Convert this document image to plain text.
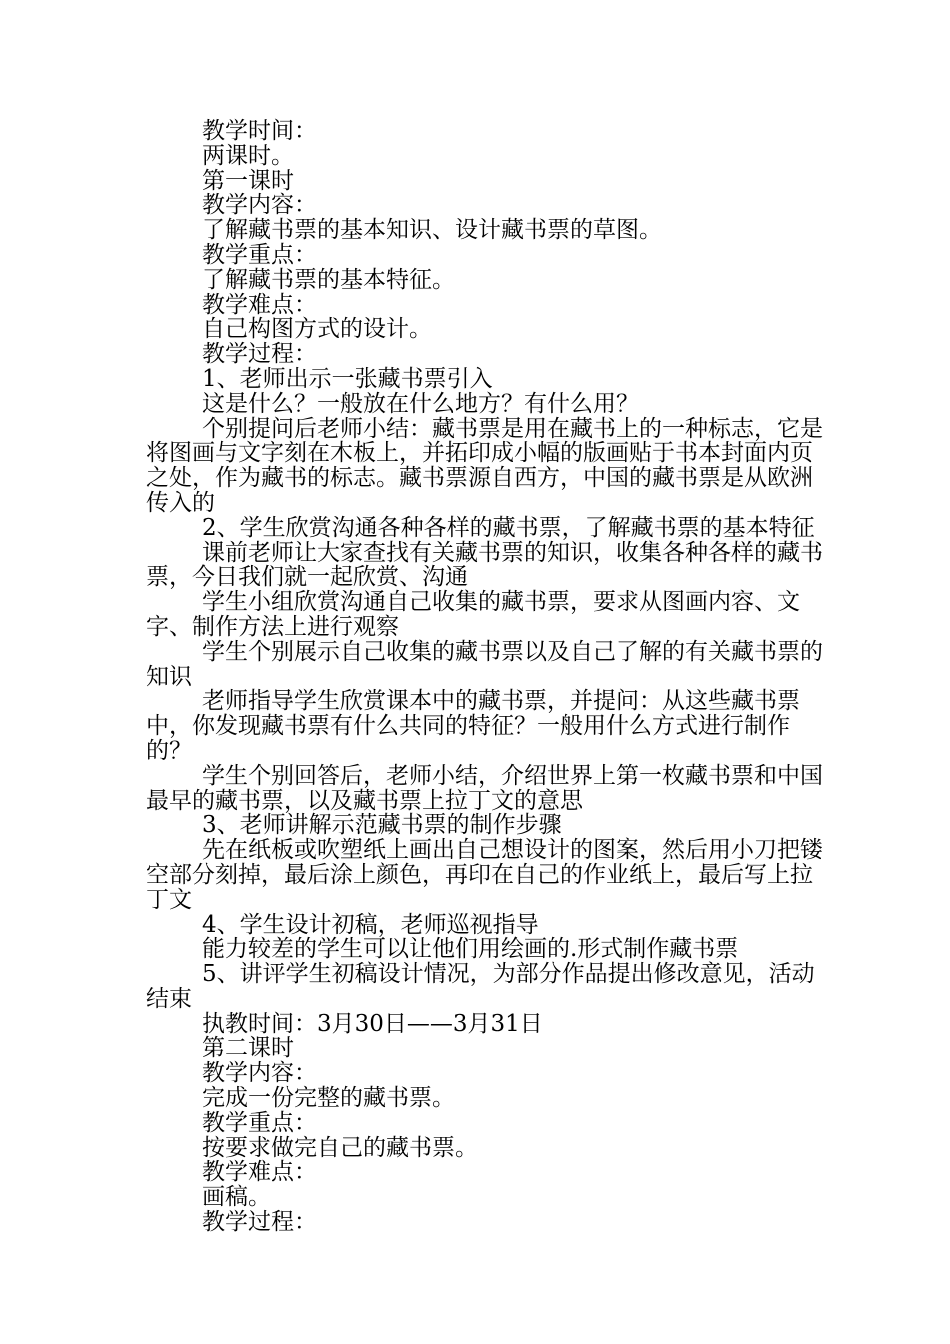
教学时间：

两课时。

第一课时

教学内容：

了解藏书票的基本知识、设计藏书票的草图。

教学重点：

了解藏书票的基本特征。

教学难点：

自己构图方式的设计。

教学过程：

1、老师出示一张藏书票引入

这是什么？一般放在什么地方？有什么用？

个别提问后老师小结：藏书票是用在藏书上的一种标志，它是将图画与文字刻在木板上，并拓印成小幅的版画贴于书本封面内页之处，作为藏书的标志。藏书票源自西方，中国的藏书票是从欧洲传入的

2、学生欣赏沟通各种各样的藏书票，了解藏书票的基本特征

课前老师让大家查找有关藏书票的知识，收集各种各样的藏书票，今日我们就一起欣赏、沟通

学生小组欣赏沟通自己收集的藏书票，要求从图画内容、文字、制作方法上进行观察

学生个别展示自己收集的藏书票以及自己了解的有关藏书票的知识

老师指导学生欣赏课本中的藏书票，并提问：从这些藏书票中，你发现藏书票有什么共同的特征？一般用什么方式进行制作的？

学生个别回答后，老师小结，介绍世界上第一枚藏书票和中国最早的藏书票，以及藏书票上拉丁文的意思

3、老师讲解示范藏书票的制作步骤

先在纸板或吹塑纸上画出自己想设计的图案，然后用小刀把镂空部分刻掉，最后涂上颜色，再印在自己的作业纸上，最后写上拉丁文

4、学生设计初稿，老师巡视指导

能力较差的学生可以让他们用绘画的.形式制作藏书票

5、讲评学生初稿设计情况，为部分作品提出修改意见，活动结束

执教时间：3月30日——3月31日

第二课时

教学内容：

完成一份完整的藏书票。

教学重点：

按要求做完自己的藏书票。

教学难点：

画稿。

教学过程：
